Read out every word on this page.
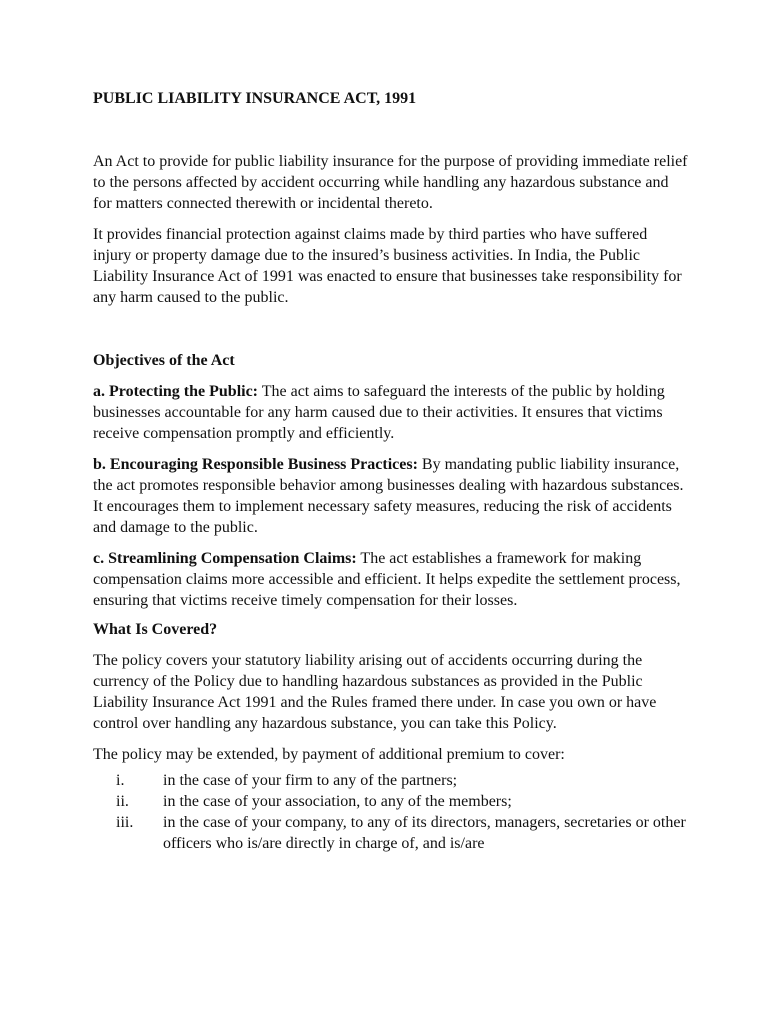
PUBLIC LIABILITY INSURANCE ACT, 1991

An Act to provide for public liability insurance for the purpose of providing immediate relief to the persons affected by accident occurring while handling any hazardous substance and for matters connected therewith or incidental thereto.

It provides financial protection against claims made by third parties who have suffered injury or property damage due to the insured’s business activities. In India, the Public Liability Insurance Act of 1991 was enacted to ensure that businesses take responsibility for any harm caused to the public.

Objectives of the Act

a. Protecting the Public: The act aims to safeguard the interests of the public by holding businesses accountable for any harm caused due to their activities. It ensures that victims receive compensation promptly and efficiently.

b. Encouraging Responsible Business Practices: By mandating public liability insurance, the act promotes responsible behavior among businesses dealing with hazardous substances. It encourages them to implement necessary safety measures, reducing the risk of accidents and damage to the public.

c. Streamlining Compensation Claims: The act establishes a framework for making compensation claims more accessible and efficient. It helps expedite the settlement process, ensuring that victims receive timely compensation for their losses.

What Is Covered?

The policy covers your statutory liability arising out of accidents occurring during the currency of the Policy due to handling hazardous substances as provided in the Public Liability Insurance Act 1991 and the Rules framed there under. In case you own or have control over handling any hazardous substance, you can take this Policy.

The policy may be extended, by payment of additional premium to cover:

i.	in the case of your firm to any of the partners;
ii.	in the case of your association, to any of the members;
iii.	in the case of your company, to any of its directors, managers, secretaries or other officers who is/are directly in charge of, and is/are
